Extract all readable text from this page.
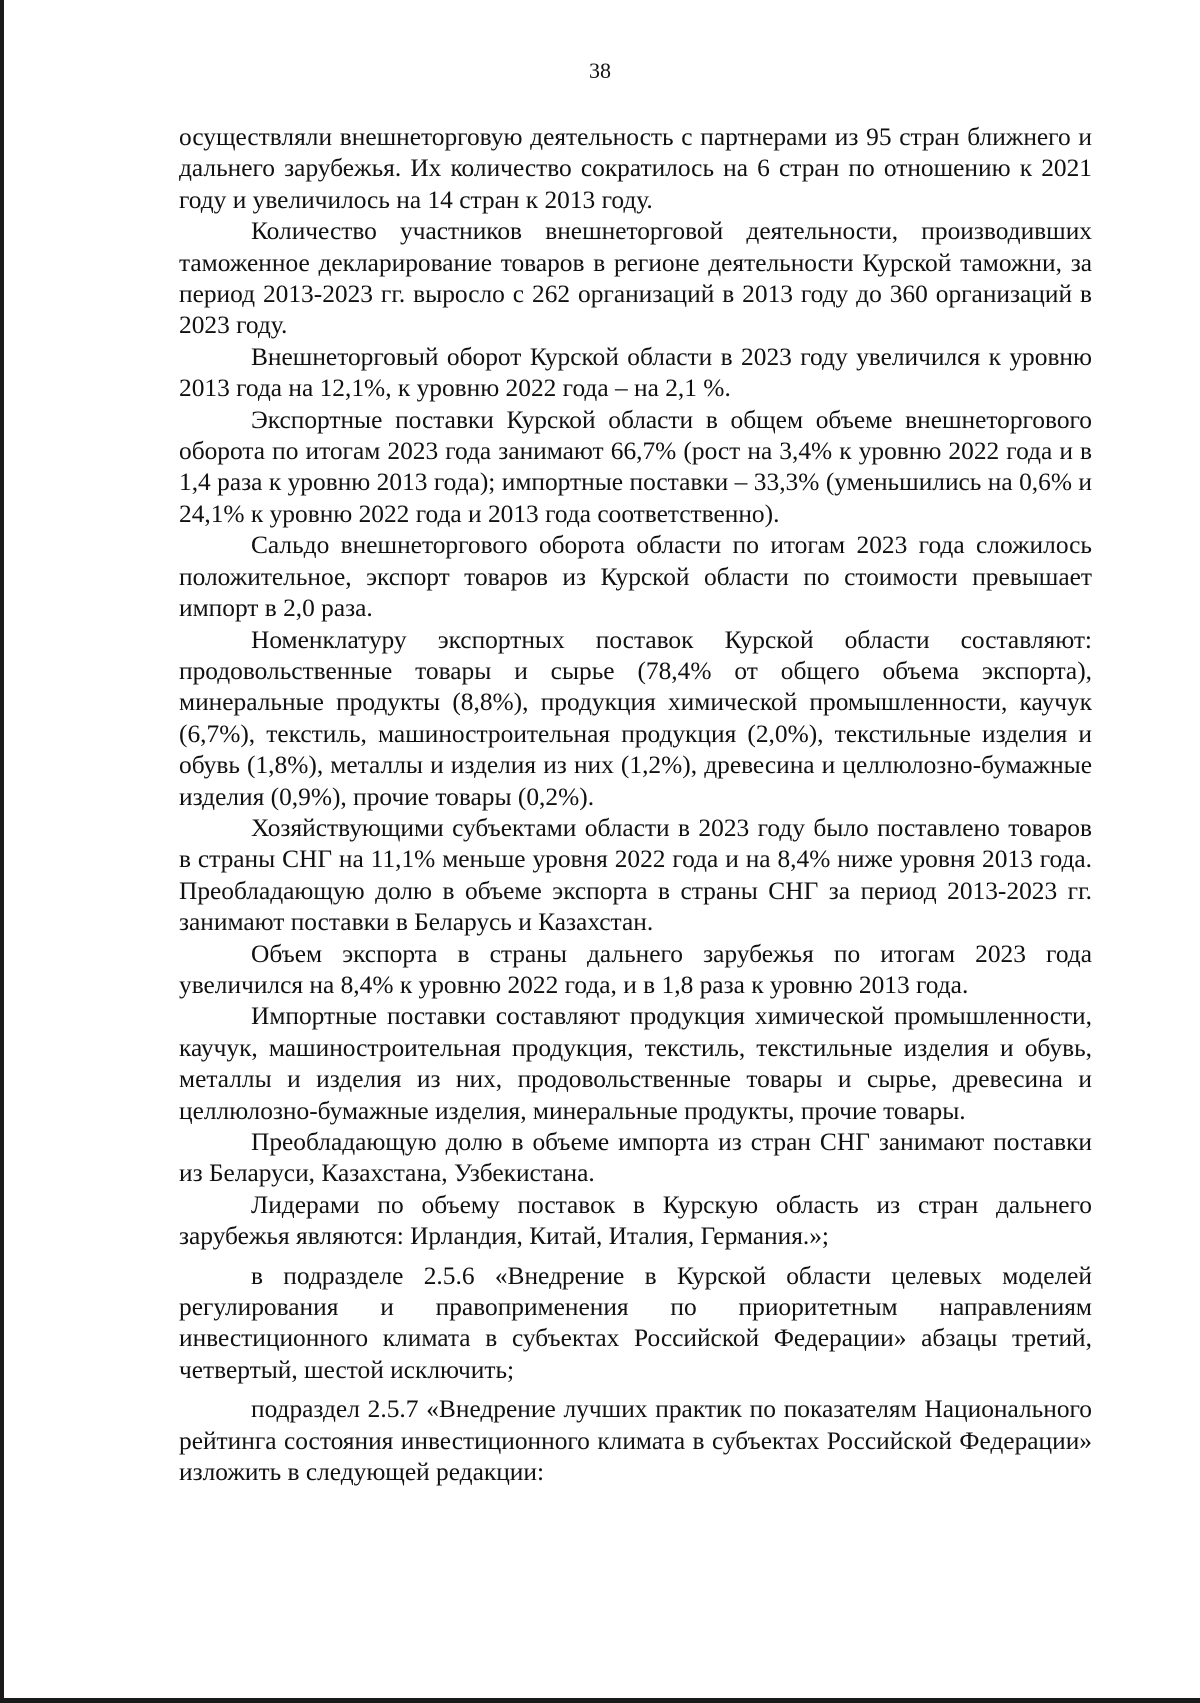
38

осуществляли внешнеторговую деятельность с партнерами из 95 стран ближнего и дальнего зарубежья. Их количество сократилось на 6 стран по отношению к 2021 году и увеличилось на 14 стран к 2013 году.

Количество участников внешнеторговой деятельности, производивших таможенное декларирование товаров в регионе деятельности Курской таможни, за период 2013-2023 гг. выросло с 262 организаций в 2013 году до 360 организаций в 2023 году.

Внешнеторговый оборот Курской области в 2023 году увеличился к уровню 2013 года на 12,1%, к уровню 2022 года – на 2,1 %.

Экспортные поставки Курской области в общем объеме внешнеторгового оборота по итогам 2023 года занимают 66,7% (рост на 3,4% к уровню 2022 года и в 1,4 раза к уровню 2013 года); импортные поставки – 33,3% (уменьшились на 0,6% и 24,1% к уровню 2022 года и 2013 года соответственно).

Сальдо внешнеторгового оборота области по итогам 2023 года сложилось положительное, экспорт товаров из Курской области по стоимости превышает импорт в 2,0 раза.

Номенклатуру экспортных поставок Курской области составляют: продовольственные товары и сырье (78,4% от общего объема экспорта), минеральные продукты (8,8%), продукция химической промышленности, каучук (6,7%), текстиль, машиностроительная продукция (2,0%), текстильные изделия и обувь (1,8%), металлы и изделия из них (1,2%), древесина и целлюлозно-бумажные изделия (0,9%), прочие товары (0,2%).

Хозяйствующими субъектами области в 2023 году было поставлено товаров в страны СНГ на 11,1% меньше уровня 2022 года и на 8,4% ниже уровня 2013 года. Преобладающую долю в объеме экспорта в страны СНГ за период 2013-2023 гг. занимают поставки в Беларусь и Казахстан.

Объем экспорта в страны дальнего зарубежья по итогам 2023 года увеличился на 8,4% к уровню 2022 года, и в 1,8 раза к уровню 2013 года.

Импортные поставки составляют продукция химической промышленности, каучук, машиностроительная продукция, текстиль, текстильные изделия и обувь, металлы и изделия из них, продовольственные товары и сырье, древесина и целлюлозно-бумажные изделия, минеральные продукты, прочие товары.

Преобладающую долю в объеме импорта из стран СНГ занимают поставки из Беларуси, Казахстана, Узбекистана.

Лидерами по объему поставок в Курскую область из стран дальнего зарубежья являются: Ирландия, Китай, Италия, Германия.»;

в подразделе 2.5.6 «Внедрение в Курской области целевых моделей регулирования и правоприменения по приоритетным направлениям инвестиционного климата в субъектах Российской Федерации» абзацы третий, четвертый, шестой исключить;

подраздел 2.5.7 «Внедрение лучших практик по показателям Национального рейтинга состояния инвестиционного климата в субъектах Российской Федерации» изложить в следующей редакции:
